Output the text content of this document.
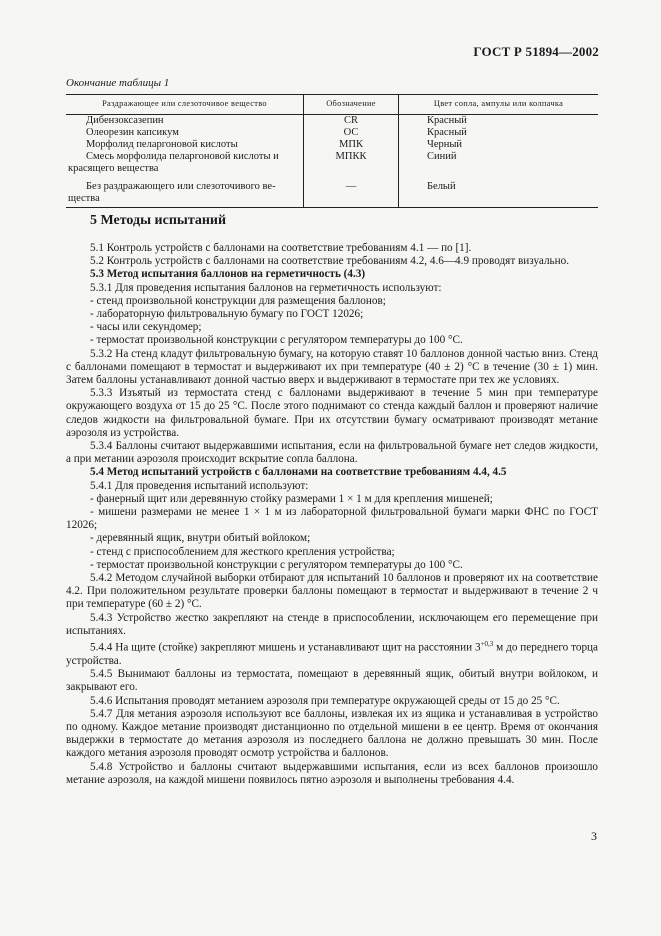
ГОСТ Р 51894—2002
Окончание таблицы 1
Раздражающее или слезоточивое вещество	Обозначение	Цвет сопла, ампулы или колпачка

Дибензоксазепин	CR	Красный

Олеорезин капсикум	ОС	Красный

Морфолид пеларгоновой кислоты	МПК	Черный

Смесь морфолида пеларгоновой кислоты и
красящего вещества	МПКК	Синий

Без раздражающего или слезоточивого ве-
щества	—	Белый
5 Методы испытаний

5.1 Контроль устройств с баллонами на соответствие требованиям 4.1 — по [1].

5.2 Контроль устройств с баллонами на соответствие требованиям 4.2, 4.6—4.9 проводят визуально.

5.3 Метод испытания баллонов на герметичность (4.3)

5.3.1 Для проведения испытания баллонов на герметичность используют:

- стенд произвольной конструкции для размещения баллонов;

- лабораторную фильтровальную бумагу по ГОСТ 12026;

- часы или секундомер;

- термостат произвольной конструкции с регулятором температуры до 100 °С.

5.3.2 На стенд кладут фильтровальную бумагу, на которую ставят 10 баллонов донной частью вниз. Стенд с баллонами помещают в термостат и выдерживают их при температуре (40 ± 2) °С в течение (30 ± 1) мин. Затем баллоны устанавливают донной частью вверх и выдерживают в термостате при тех же условиях.

5.3.3 Изъятый из термостата стенд с баллонами выдерживают в течение 5 мин при температуре окружающего воздуха от 15 до 25 °С. После этого поднимают со стенда каждый баллон и проверяют наличие следов жидкости на фильтровальной бумаге. При их отсутствии бумагу осматривают производят метание аэрозоля из устройства.

5.3.4 Баллоны считают выдержавшими испытания, если на фильтровальной бумаге нет следов жидкости, а при метании аэрозоля происходит вскрытие сопла баллона.

5.4 Метод испытаний устройств с баллонами на соответствие требованиям 4.4, 4.5

5.4.1 Для проведения испытаний используют:

- фанерный щит или деревянную стойку размерами 1 × 1 м для крепления мишеней;

- мишени размерами не менее 1 × 1 м из лабораторной фильтровальной бумаги марки ФНС по ГОСТ 12026;

- деревянный ящик, внутри обитый войлоком;

- стенд с приспособлением для жесткого крепления устройства;

- термостат произвольной конструкции с регулятором температуры до 100 °С.

5.4.2 Методом случайной выборки отбирают для испытаний 10 баллонов и проверяют их на соответствие 4.2. При положительном результате проверки баллоны помещают в термостат и выдерживают в течение 2 ч при температуре (60 ± 2) °С.

5.4.3 Устройство жестко закрепляют на стенде в приспособлении, исключающем его перемещение при испытаниях.

5.4.4 На щите (стойке) закрепляют мишень и устанавливают щит на расстоянии $3^{+0,3}$ м до переднего торца устройства.

5.4.5 Вынимают баллоны из термостата, помещают в деревянный ящик, обитый внутри войлоком, и закрывают его.

5.4.6 Испытания проводят метанием аэрозоля при температуре окружающей среды от 15 до 25 °С.

5.4.7 Для метания аэрозоля используют все баллоны, извлекая их из ящика и устанавливая в устройство по одному. Каждое метание производят дистанционно по отдельной мишени в ее центр. Время от окончания выдержки в термостате до метания аэрозоля из последнего баллона не должно превышать 30 мин. После каждого метания аэрозоля проводят осмотр устройства и баллонов.

5.4.8 Устройство и баллоны считают выдержавшими испытания, если из всех баллонов произошло метание аэрозоля, на каждой мишени появилось пятно аэрозоля и выполнены требования 4.4.

3
